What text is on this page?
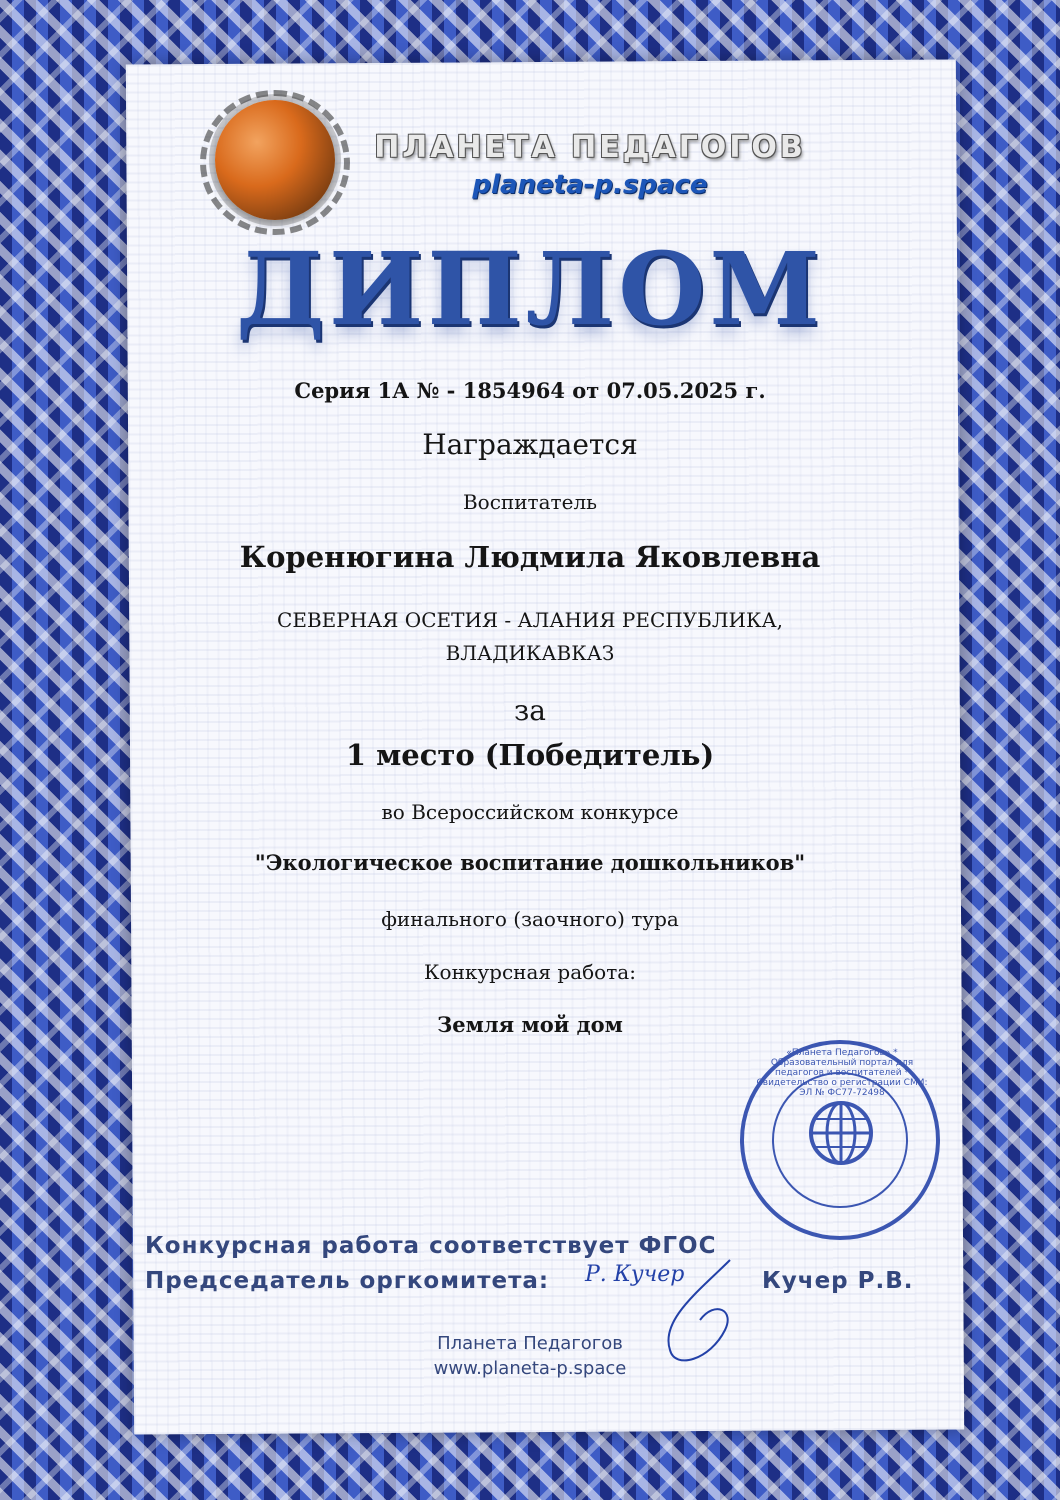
ПЛАНЕТА ПЕДАГОГОВ
planeta-p.space
ДИПЛОМ
Серия 1А № - 1854964 от 07.05.2025 г.
Награждается
Воспитатель
Коренюгина Людмила Яковлевна
СЕВЕРНАЯ ОСЕТИЯ - АЛАНИЯ РЕСПУБЛИКА,
ВЛАДИКАВКАЗ
за
1 место (Победитель)
во Всероссийском конкурсе
"Экологическое воспитание дошкольников"
финального (заочного) тура
Конкурсная работа:
Земля мой дом
«Планета Педагогов» * Образовательный портал для педагогов и воспитателей * Свидетельство о регистрации СМИ: ЭЛ № ФС77-72498
Конкурсная работа соответствует ФГОС
Председатель оргкомитета: Р. Кучер	Кучер Р.В.
Планета Педагогов
www.planeta-p.space
